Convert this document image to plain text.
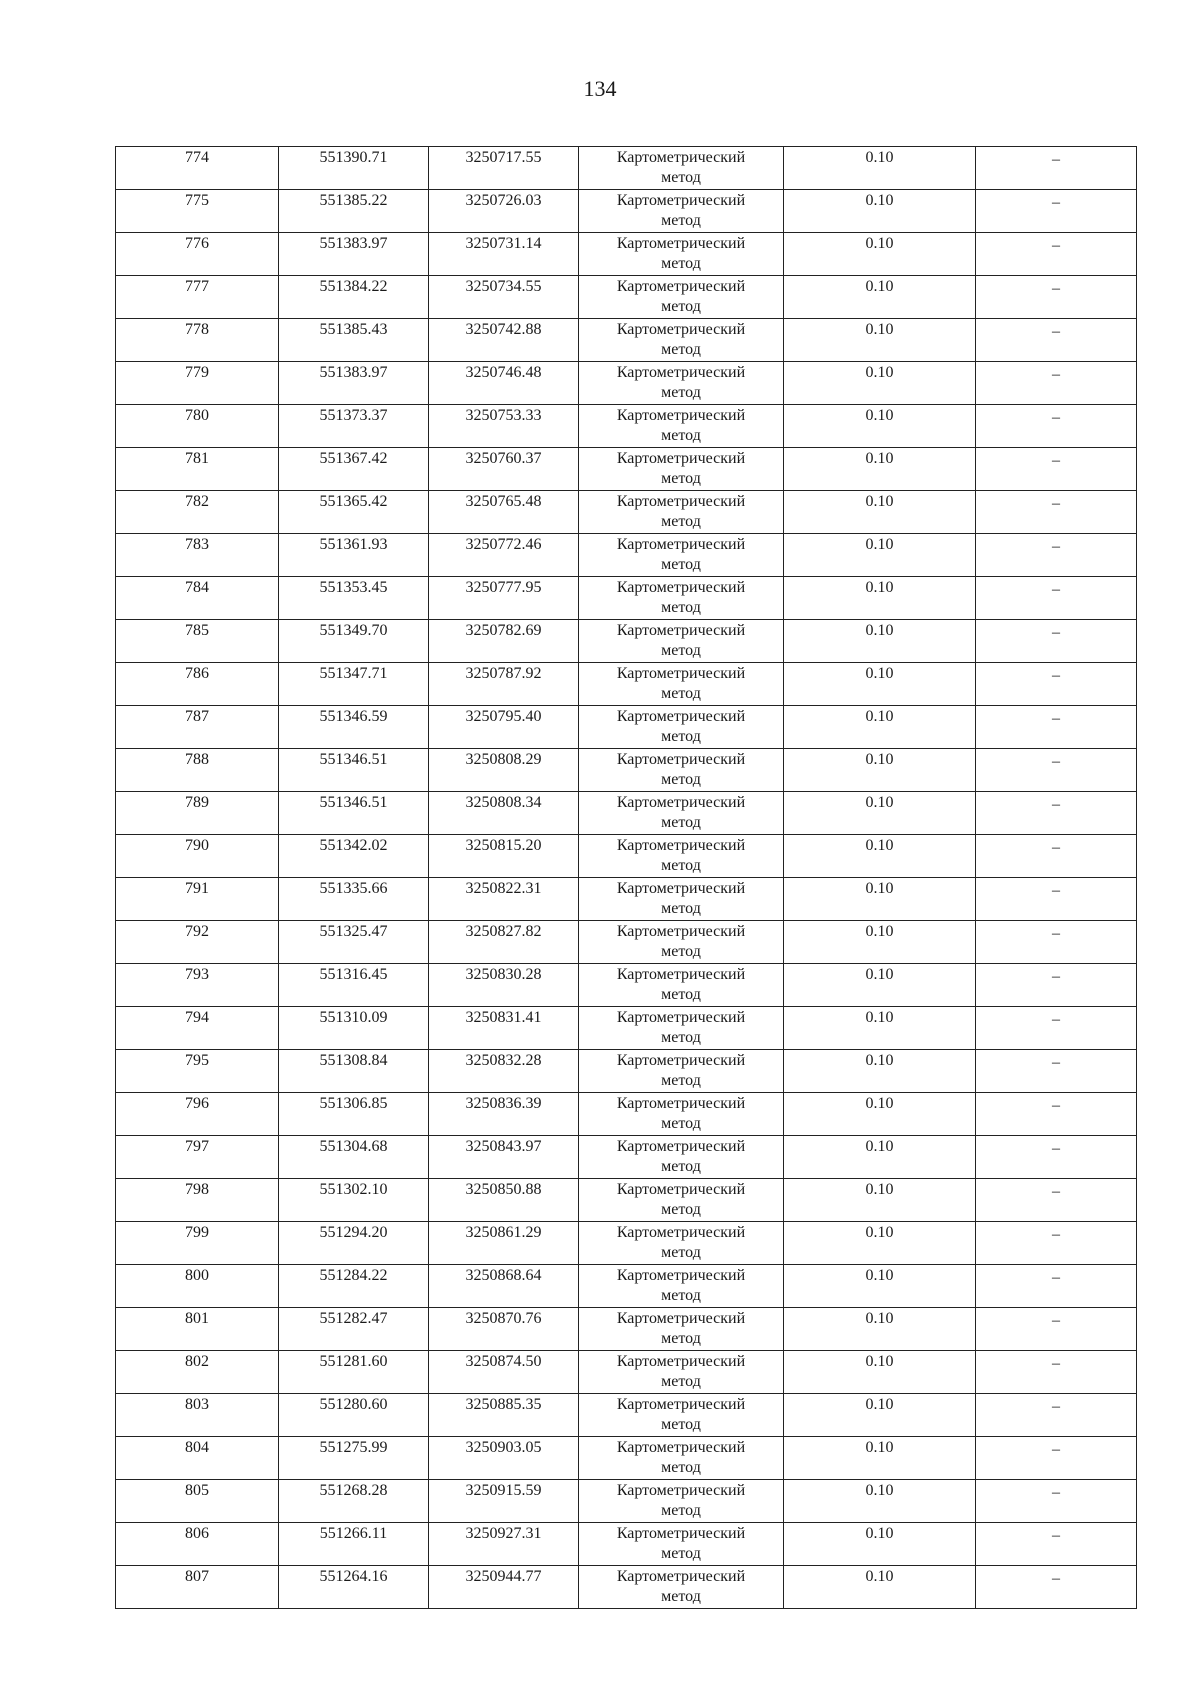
134
774	551390.71	3250717.55	Картометрический
метод	0.10	–
775	551385.22	3250726.03	Картометрический
метод	0.10	–
776	551383.97	3250731.14	Картометрический
метод	0.10	–
777	551384.22	3250734.55	Картометрический
метод	0.10	–
778	551385.43	3250742.88	Картометрический
метод	0.10	–
779	551383.97	3250746.48	Картометрический
метод	0.10	–
780	551373.37	3250753.33	Картометрический
метод	0.10	–
781	551367.42	3250760.37	Картометрический
метод	0.10	–
782	551365.42	3250765.48	Картометрический
метод	0.10	–
783	551361.93	3250772.46	Картометрический
метод	0.10	–
784	551353.45	3250777.95	Картометрический
метод	0.10	–
785	551349.70	3250782.69	Картометрический
метод	0.10	–
786	551347.71	3250787.92	Картометрический
метод	0.10	–
787	551346.59	3250795.40	Картометрический
метод	0.10	–
788	551346.51	3250808.29	Картометрический
метод	0.10	–
789	551346.51	3250808.34	Картометрический
метод	0.10	–
790	551342.02	3250815.20	Картометрический
метод	0.10	–
791	551335.66	3250822.31	Картометрический
метод	0.10	–
792	551325.47	3250827.82	Картометрический
метод	0.10	–
793	551316.45	3250830.28	Картометрический
метод	0.10	–
794	551310.09	3250831.41	Картометрический
метод	0.10	–
795	551308.84	3250832.28	Картометрический
метод	0.10	–
796	551306.85	3250836.39	Картометрический
метод	0.10	–
797	551304.68	3250843.97	Картометрический
метод	0.10	–
798	551302.10	3250850.88	Картометрический
метод	0.10	–
799	551294.20	3250861.29	Картометрический
метод	0.10	–
800	551284.22	3250868.64	Картометрический
метод	0.10	–
801	551282.47	3250870.76	Картометрический
метод	0.10	–
802	551281.60	3250874.50	Картометрический
метод	0.10	–
803	551280.60	3250885.35	Картометрический
метод	0.10	–
804	551275.99	3250903.05	Картометрический
метод	0.10	–
805	551268.28	3250915.59	Картометрический
метод	0.10	–
806	551266.11	3250927.31	Картометрический
метод	0.10	–
807	551264.16	3250944.77	Картометрический
метод	0.10	–
